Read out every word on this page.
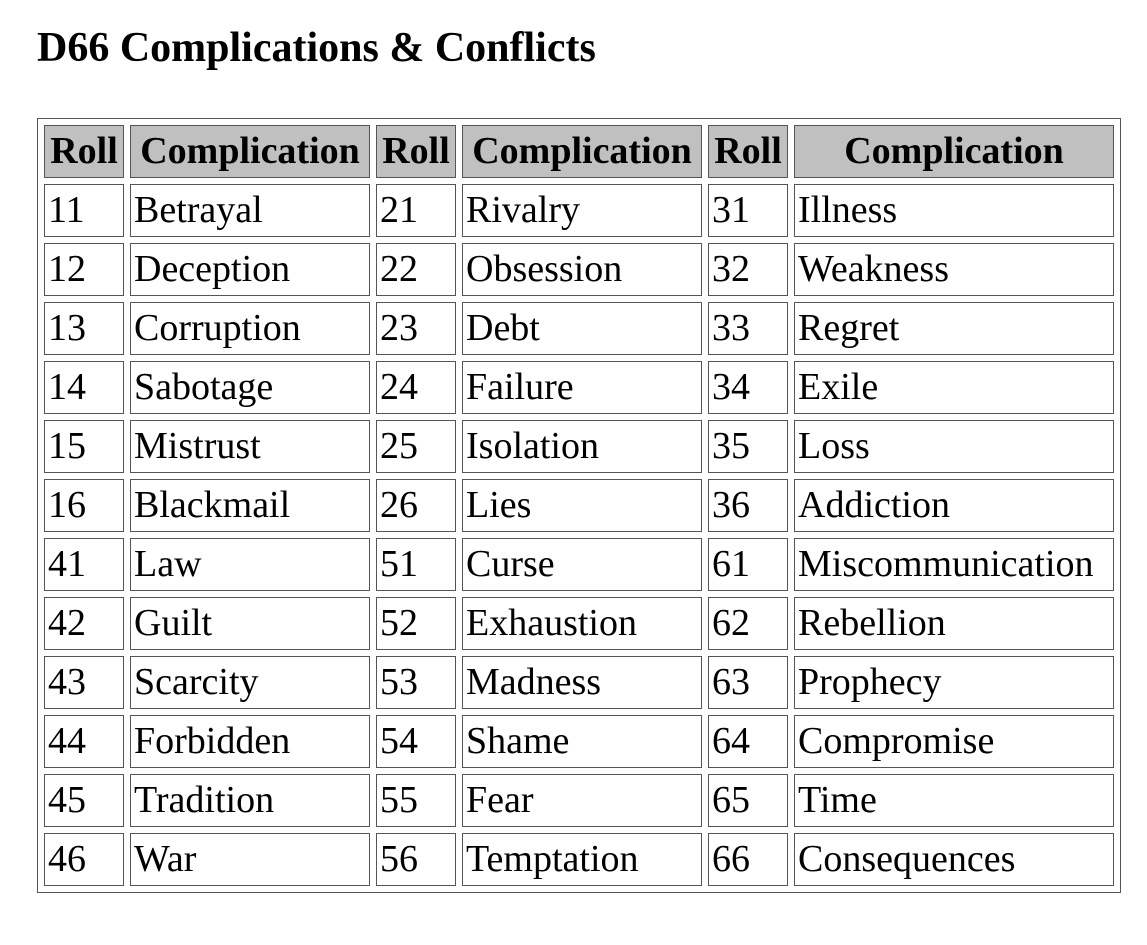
D66 Complications & Conflicts
Roll	Complication	Roll	Complication	Roll	Complication
11	Betrayal	21	Rivalry	31	Illness
12	Deception	22	Obsession	32	Weakness
13	Corruption	23	Debt	33	Regret
14	Sabotage	24	Failure	34	Exile
15	Mistrust	25	Isolation	35	Loss
16	Blackmail	26	Lies	36	Addiction
41	Law	51	Curse	61	Miscommunication
42	Guilt	52	Exhaustion	62	Rebellion
43	Scarcity	53	Madness	63	Prophecy
44	Forbidden	54	Shame	64	Compromise
45	Tradition	55	Fear	65	Time
46	War	56	Temptation	66	Consequences
